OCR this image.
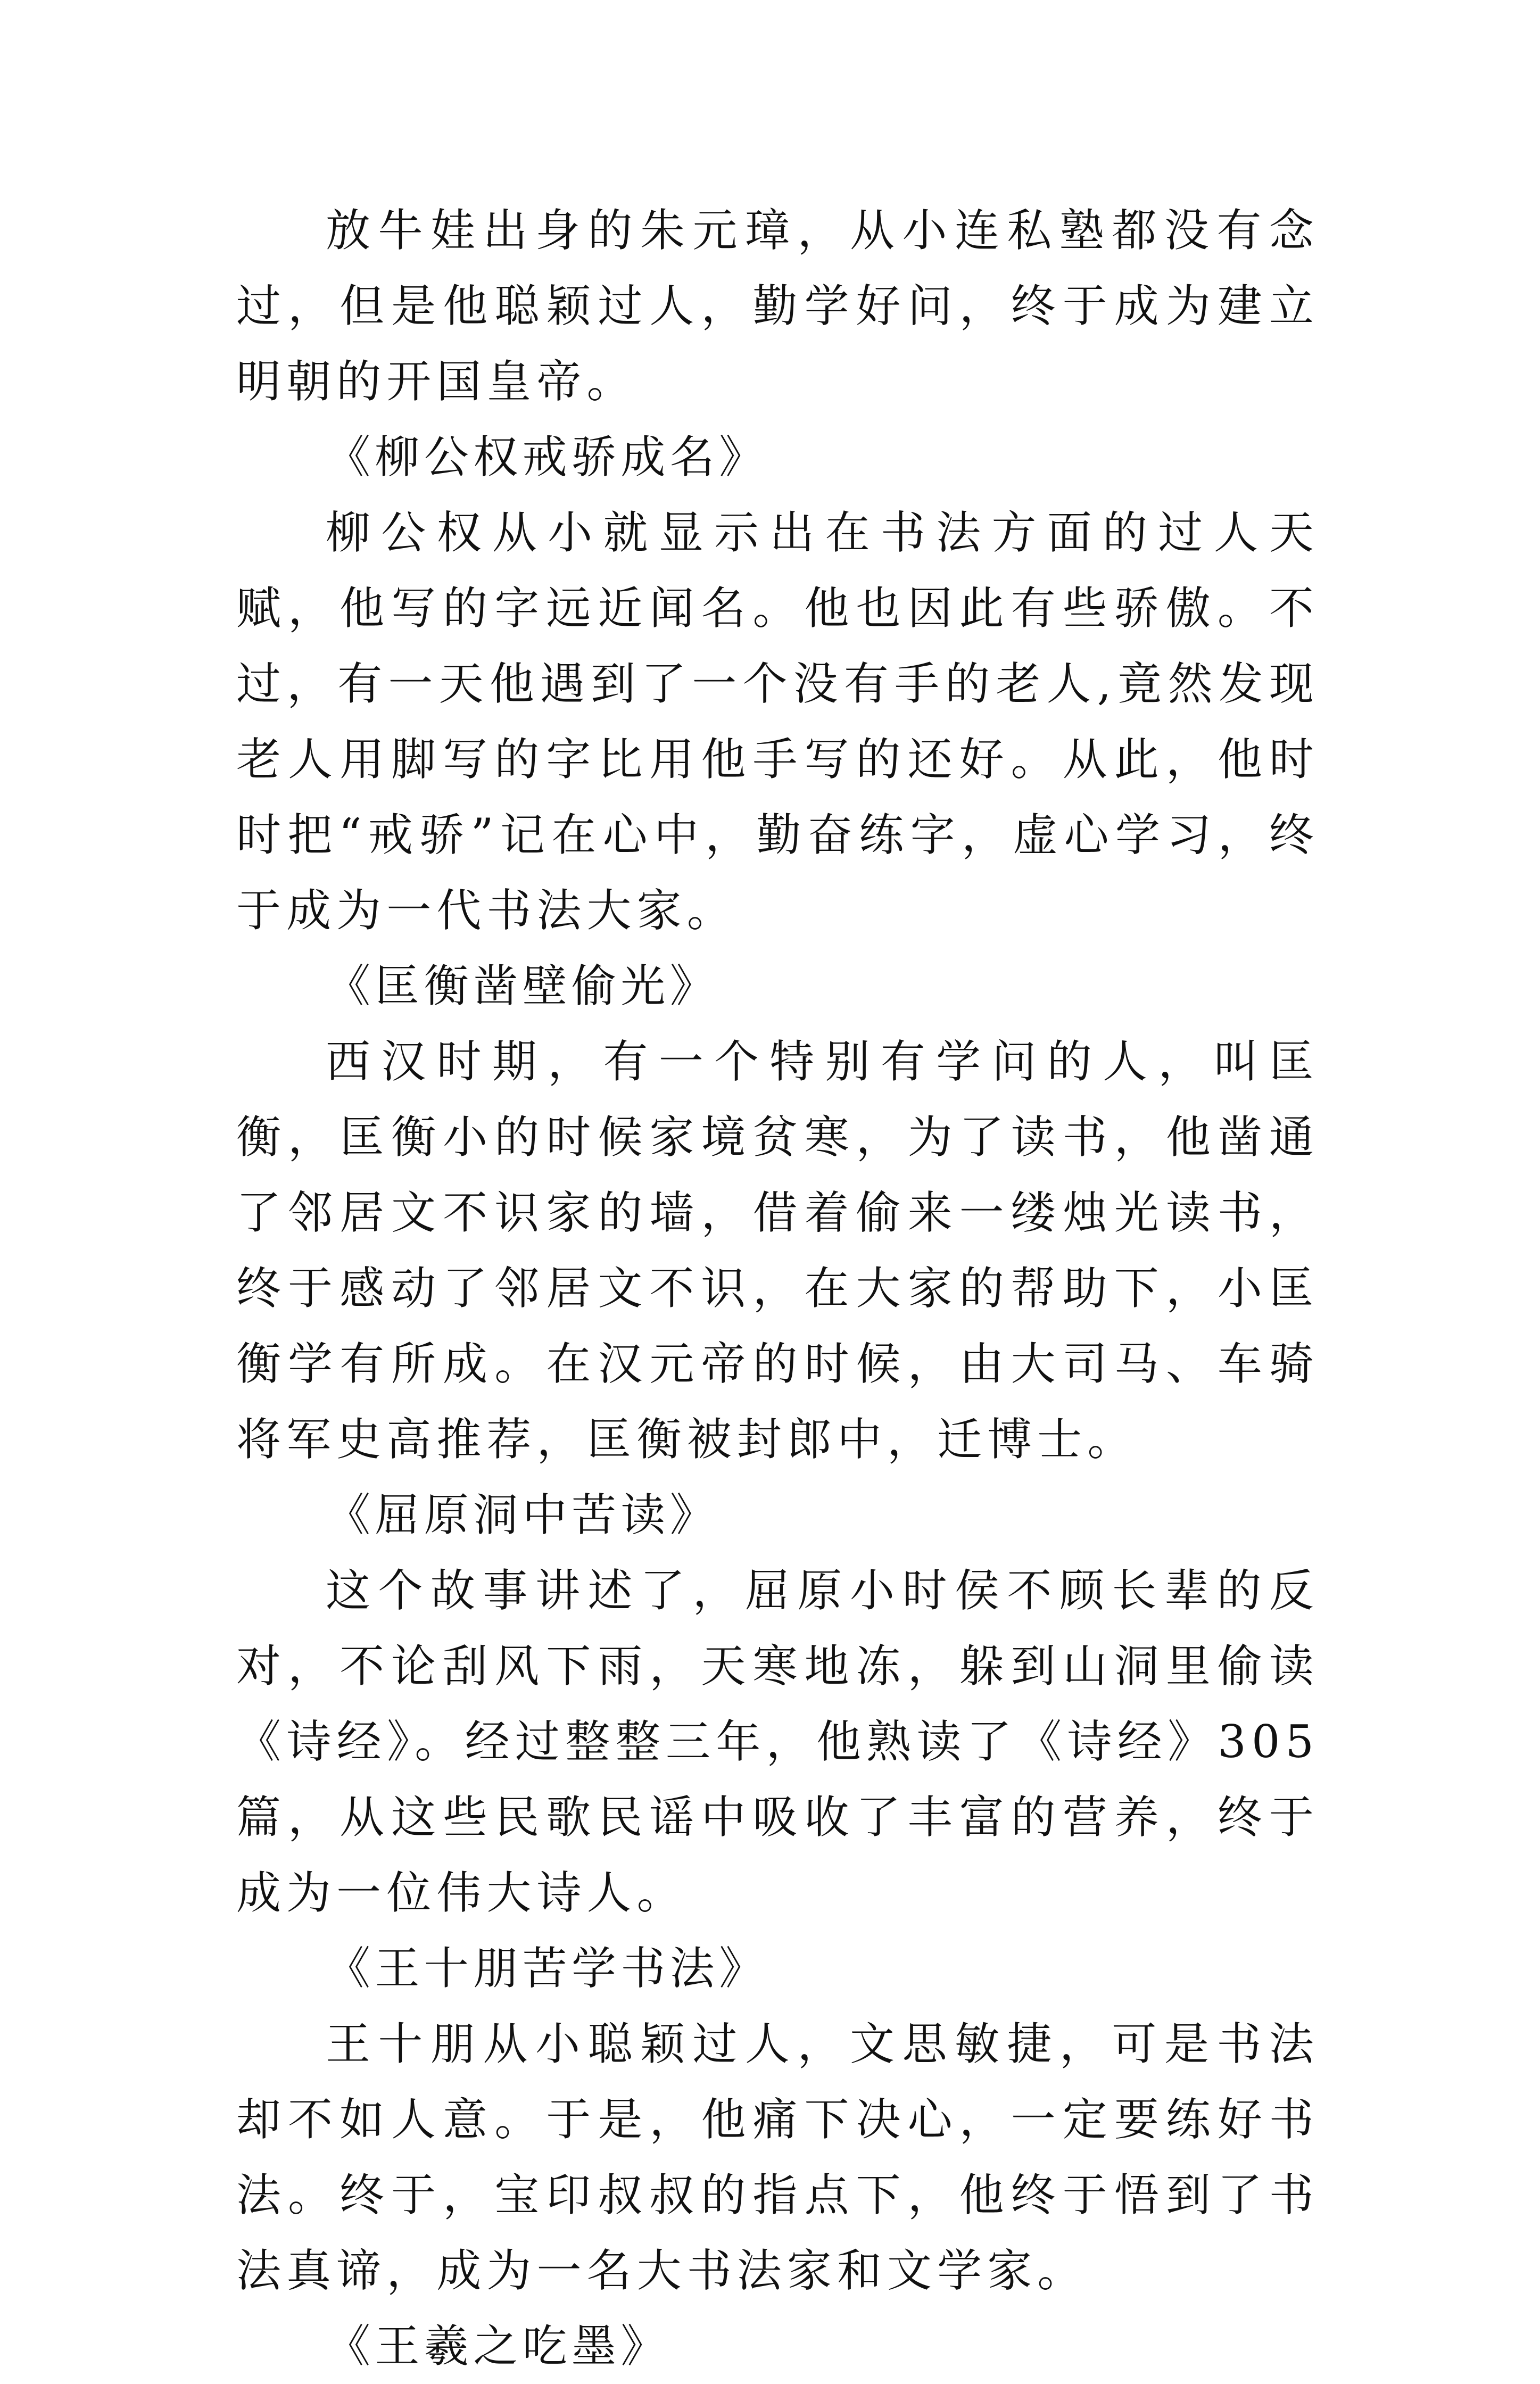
放牛娃出身的朱元璋，从小连私塾都没有念过，但是他聪颖过人，勤学好问，终于成为建立明朝的开国皇帝。

《柳公权戒骄成名》

柳公权从小就显示出在书法方面的过人天赋，他写的字远近闻名。他也因此有些骄傲。不过，有一天他遇到了一个没有手的老人,竟然发现老人用脚写的字比用他手写的还好。从此，他时时把“戒骄”记在心中，勤奋练字，虚心学习，终于成为一代书法大家。

《匡衡凿壁偷光》

西汉时期，有一个特别有学问的人，叫匡衡，匡衡小的时候家境贫寒，为了读书，他凿通了邻居文不识家的墙，借着偷来一缕烛光读书，终于感动了邻居文不识，在大家的帮助下，小匡衡学有所成。在汉元帝的时候，由大司马、车骑将军史高推荐，匡衡被封郎中，迁博士。

《屈原洞中苦读》

这个故事讲述了，屈原小时侯不顾长辈的反对，不论刮风下雨，天寒地冻，躲到山洞里偷读《诗经》。经过整整三年，他熟读了《诗经》305篇，从这些民歌民谣中吸收了丰富的营养，终于成为一位伟大诗人。

《王十朋苦学书法》

王十朋从小聪颖过人，文思敏捷，可是书法却不如人意。于是，他痛下决心，一定要练好书法。终于，宝印叔叔的指点下，他终于悟到了书法真谛，成为一名大书法家和文学家。

《王羲之吃墨》
